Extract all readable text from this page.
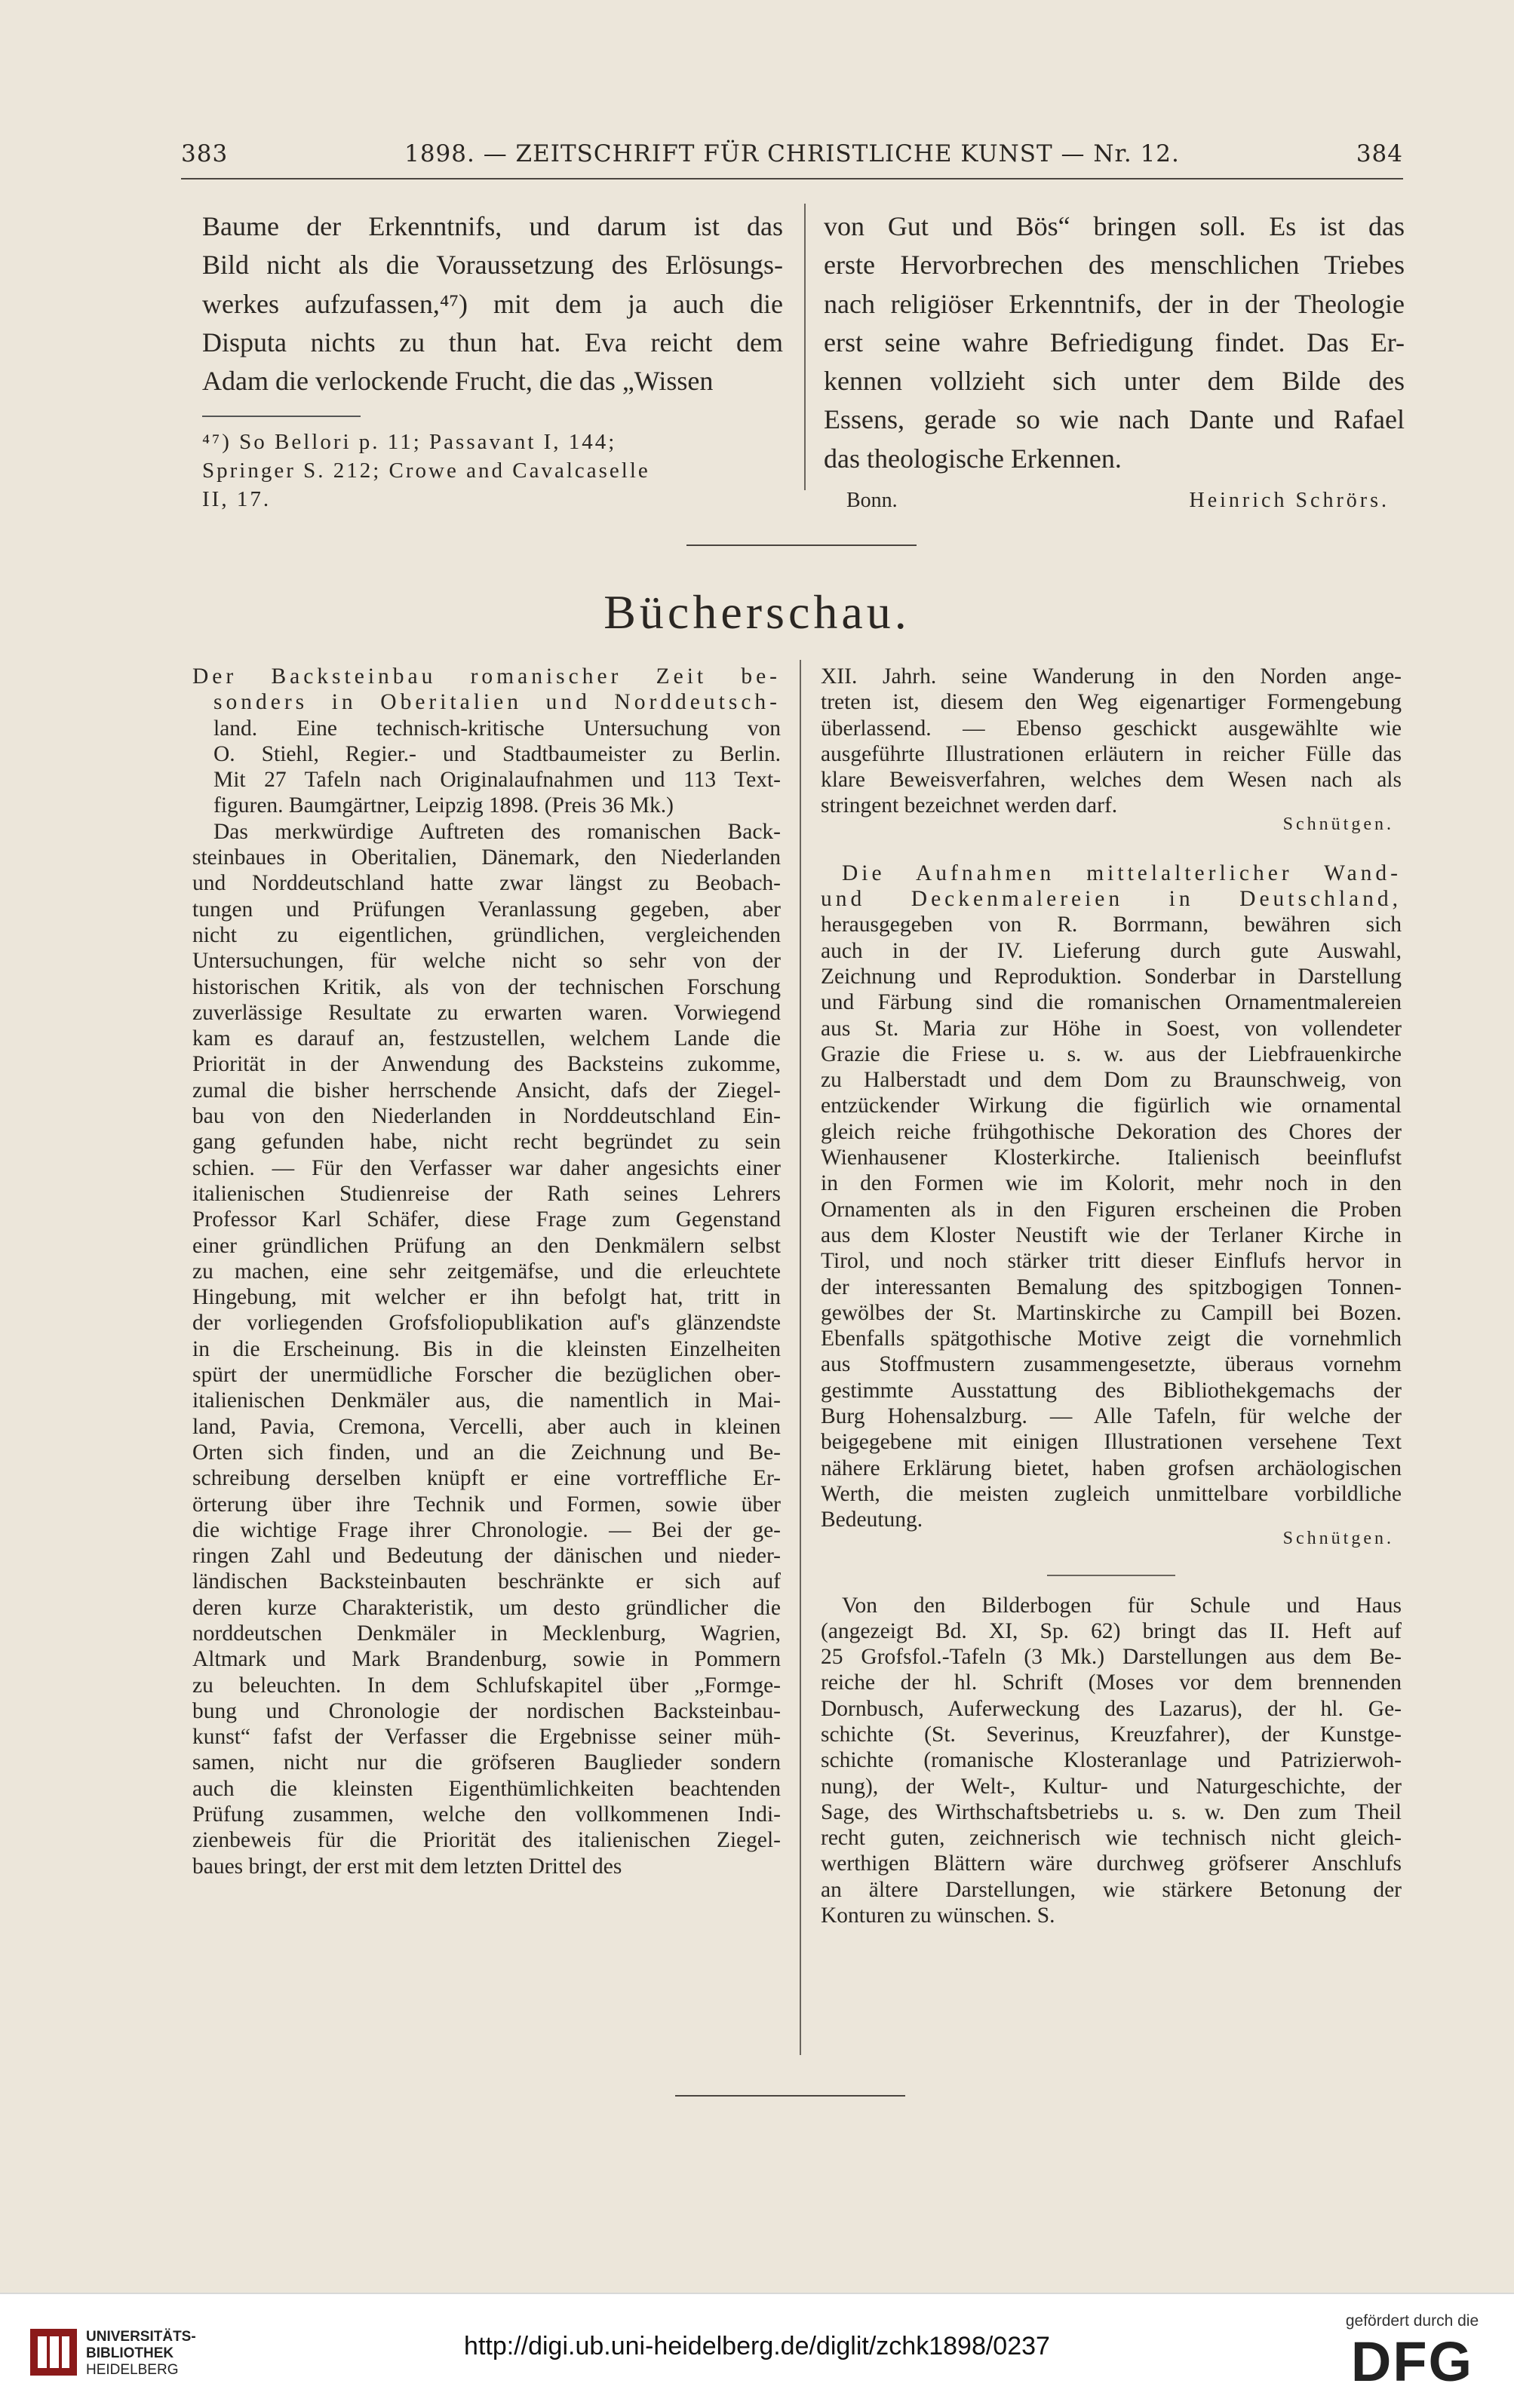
383	1898. — ZEITSCHRIFT FÜR CHRISTLICHE KUNST — Nr. 12.	384
Baume der Erkenntnifs, und darum ist das
Bild nicht als die Voraussetzung des Erlösungs-
werkes aufzufassen,⁴⁷) mit dem ja auch die
Disputa nichts zu thun hat. Eva reicht dem
Adam die verlockende Frucht, die das „Wissen
⁴⁷) So Bellori p. 11; Passavant I, 144;
Springer S. 212; Crowe and Cavalcaselle
II, 17.
von Gut und Bös“ bringen soll. Es ist das
erste Hervorbrechen des menschlichen Triebes
nach religiöser Erkenntnifs, der in der Theologie
erst seine wahre Befriedigung findet. Das Er-
kennen vollzieht sich unter dem Bilde des
Essens, gerade so wie nach Dante und Rafael
das theologische Erkennen.
Bonn.	Heinrich Schrörs.
Bücherschau.
Der Backsteinbau romanischer Zeit be-
sonders in Oberitalien und Norddeutsch-
land. Eine technisch-kritische Untersuchung von
O. Stiehl, Regier.- und Stadtbaumeister zu Berlin.
Mit 27 Tafeln nach Originalaufnahmen und 113 Text-
figuren. Baumgärtner, Leipzig 1898. (Preis 36 Mk.)
Das merkwürdige Auftreten des romanischen Back-
steinbaues in Oberitalien, Dänemark, den Niederlanden
und Norddeutschland hatte zwar längst zu Beobach-
tungen und Prüfungen Veranlassung gegeben, aber
nicht zu eigentlichen, gründlichen, vergleichenden
Untersuchungen, für welche nicht so sehr von der
historischen Kritik, als von der technischen Forschung
zuverlässige Resultate zu erwarten waren. Vorwiegend
kam es darauf an, festzustellen, welchem Lande die
Priorität in der Anwendung des Backsteins zukomme,
zumal die bisher herrschende Ansicht, dafs der Ziegel-
bau von den Niederlanden in Norddeutschland Ein-
gang gefunden habe, nicht recht begründet zu sein
schien. — Für den Verfasser war daher angesichts einer
italienischen Studienreise der Rath seines Lehrers
Professor Karl Schäfer, diese Frage zum Gegenstand
einer gründlichen Prüfung an den Denkmälern selbst
zu machen, eine sehr zeitgemäfse, und die erleuchtete
Hingebung, mit welcher er ihn befolgt hat, tritt in
der vorliegenden Grofsfoliopublikation auf's glänzendste
in die Erscheinung. Bis in die kleinsten Einzelheiten
spürt der unermüdliche Forscher die bezüglichen ober-
italienischen Denkmäler aus, die namentlich in Mai-
land, Pavia, Cremona, Vercelli, aber auch in kleinen
Orten sich finden, und an die Zeichnung und Be-
schreibung derselben knüpft er eine vortreffliche Er-
örterung über ihre Technik und Formen, sowie über
die wichtige Frage ihrer Chronologie. — Bei der ge-
ringen Zahl und Bedeutung der dänischen und nieder-
ländischen Backsteinbauten beschränkte er sich auf
deren kurze Charakteristik, um desto gründlicher die
norddeutschen Denkmäler in Mecklenburg, Wagrien,
Altmark und Mark Brandenburg, sowie in Pommern
zu beleuchten. In dem Schlufskapitel über „Formge-
bung und Chronologie der nordischen Backsteinbau-
kunst“ fafst der Verfasser die Ergebnisse seiner müh-
samen, nicht nur die gröfseren Bauglieder sondern
auch die kleinsten Eigenthümlichkeiten beachtenden
Prüfung zusammen, welche den vollkommenen Indi-
zienbeweis für die Priorität des italienischen Ziegel-
baues bringt, der erst mit dem letzten Drittel des
XII. Jahrh. seine Wanderung in den Norden ange-
treten ist, diesem den Weg eigenartiger Formengebung
überlassend. — Ebenso geschickt ausgewählte wie
ausgeführte Illustrationen erläutern in reicher Fülle das
klare Beweisverfahren, welches dem Wesen nach als
stringent bezeichnet werden darf.
Schnütgen.
Die Aufnahmen mittelalterlicher Wand-
und Deckenmalereien in Deutschland,
herausgegeben von R. Borrmann, bewähren sich
auch in der IV. Lieferung durch gute Auswahl,
Zeichnung und Reproduktion. Sonderbar in Darstellung
und Färbung sind die romanischen Ornamentmalereien
aus St. Maria zur Höhe in Soest, von vollendeter
Grazie die Friese u. s. w. aus der Liebfrauenkirche
zu Halberstadt und dem Dom zu Braunschweig, von
entzückender Wirkung die figürlich wie ornamental
gleich reiche frühgothische Dekoration des Chores der
Wienhausener Klosterkirche. Italienisch beeinflufst
in den Formen wie im Kolorit, mehr noch in den
Ornamenten als in den Figuren erscheinen die Proben
aus dem Kloster Neustift wie der Terlaner Kirche in
Tirol, und noch stärker tritt dieser Einflufs hervor in
der interessanten Bemalung des spitzbogigen Tonnen-
gewölbes der St. Martinskirche zu Campill bei Bozen.
Ebenfalls spätgothische Motive zeigt die vornehmlich
aus Stoffmustern zusammengesetzte, überaus vornehm
gestimmte Ausstattung des Bibliothekgemachs der
Burg Hohensalzburg. — Alle Tafeln, für welche der
beigegebene mit einigen Illustrationen versehene Text
nähere Erklärung bietet, haben grofsen archäologischen
Werth, die meisten zugleich unmittelbare vorbildliche
Bedeutung.
Schnütgen.
Von den Bilderbogen für Schule und Haus
(angezeigt Bd. XI, Sp. 62) bringt das II. Heft auf
25 Grofsfol.-Tafeln (3 Mk.) Darstellungen aus dem Be-
reiche der hl. Schrift (Moses vor dem brennenden
Dornbusch, Auferweckung des Lazarus), der hl. Ge-
schichte (St. Severinus, Kreuzfahrer), der Kunstge-
schichte (romanische Klosteranlage und Patrizierwoh-
nung), der Welt-, Kultur- und Naturgeschichte, der
Sage, des Wirthschaftsbetriebs u. s. w. Den zum Theil
recht guten, zeichnerisch wie technisch nicht gleich-
werthigen Blättern wäre durchweg gröfserer Anschlufs
an ältere Darstellungen, wie stärkere Betonung der
Konturen zu wünschen. S.
UNIVERSITÄTS-
BIBLIOTHEK
HEIDELBERG
http://digi.ub.uni-heidelberg.de/diglit/zchk1898/0237
gefördert durch die
DFG
